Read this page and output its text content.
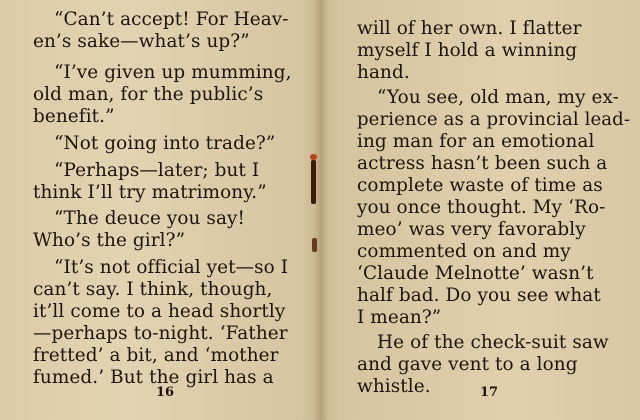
“Can’t accept! For Heav-
en’s sake—what’s up?”
“I’ve given up mumming,
old man, for the public’s
benefit.”
“Not going into trade?”
“Perhaps—later; but I
think I’ll try matrimony.”
“The deuce you say!
Who’s the girl?”
“It’s not official yet—so I
can’t say. I think, though,
it’ll come to a head shortly
—perhaps to-night. ‘Father
fretted’ a bit, and ‘mother
fumed.’ But the girl has a
16
will of her own. I flatter
myself I hold a winning
hand.
“You see, old man, my ex-
perience as a provincial lead-
ing man for an emotional
actress hasn’t been such a
complete waste of time as
you once thought. My ‘Ro-
meo’ was very favorably
commented on and my
‘Claude Melnotte’ wasn’t
half bad. Do you see what
I mean?”
He of the check-suit saw
and gave vent to a long
whistle.	17
